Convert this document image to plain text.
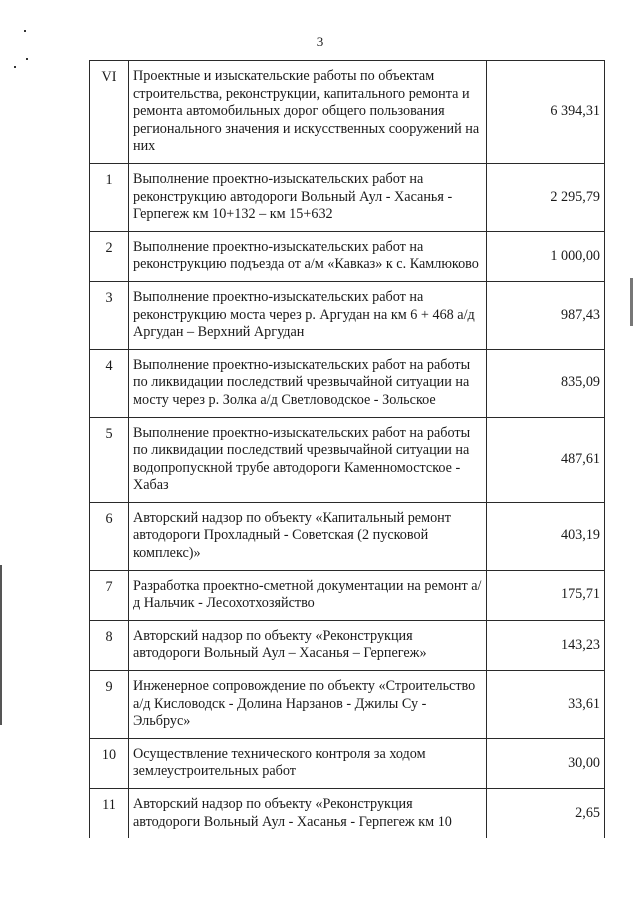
3
VI	Проектные и изыскательские работы по объектам строительства, реконструкции, капитального ремонта и ремонта автомобильных дорог общего пользования регионального значения и искусственных сооружений на них	6 394,31
1	Выполнение проектно-изыскательских работ на реконструкцию автодороги Вольный Аул - Хасанья - Герпегеж км 10+132 – км 15+632	2 295,79
2	Выполнение проектно-изыскательских работ на реконструкцию подъезда от а/м «Кавказ» к с. Камлюково	1 000,00
3	Выполнение проектно-изыскательских работ на реконструкцию моста через р. Аргудан на км 6 + 468 а/д Аргудан – Верхний Аргудан	987,43
4	Выполнение проектно-изыскательских работ на работы по ликвидации последствий чрезвычайной ситуации на мосту через р. Золка а/д Светловодское - Зольское	835,09
5	Выполнение проектно-изыскательских работ на работы по ликвидации последствий чрезвычайной ситуации на водопропускной трубе автодороги Каменномостское - Хабаз	487,61
6	Авторский надзор по объекту «Капитальный ремонт автодороги Прохладный - Советская (2 пусковой комплекс)»	403,19
7	Разработка проектно-сметной документации на ремонт а/д Нальчик - Лесохотхозяйство	175,71
8	Авторский надзор по объекту «Реконструкция автодороги Вольный Аул – Хасанья – Герпегеж»	143,23
9	Инженерное сопровождение по объекту «Строительство а/д Кисловодск - Долина Нарзанов - Джилы Су - Эльбрус»	33,61
10	Осуществление технического контроля за ходом землеустроительных работ	30,00
11	Авторский надзор по объекту «Реконструкция автодороги Вольный Аул - Хасанья - Герпегеж км 10	2,65
